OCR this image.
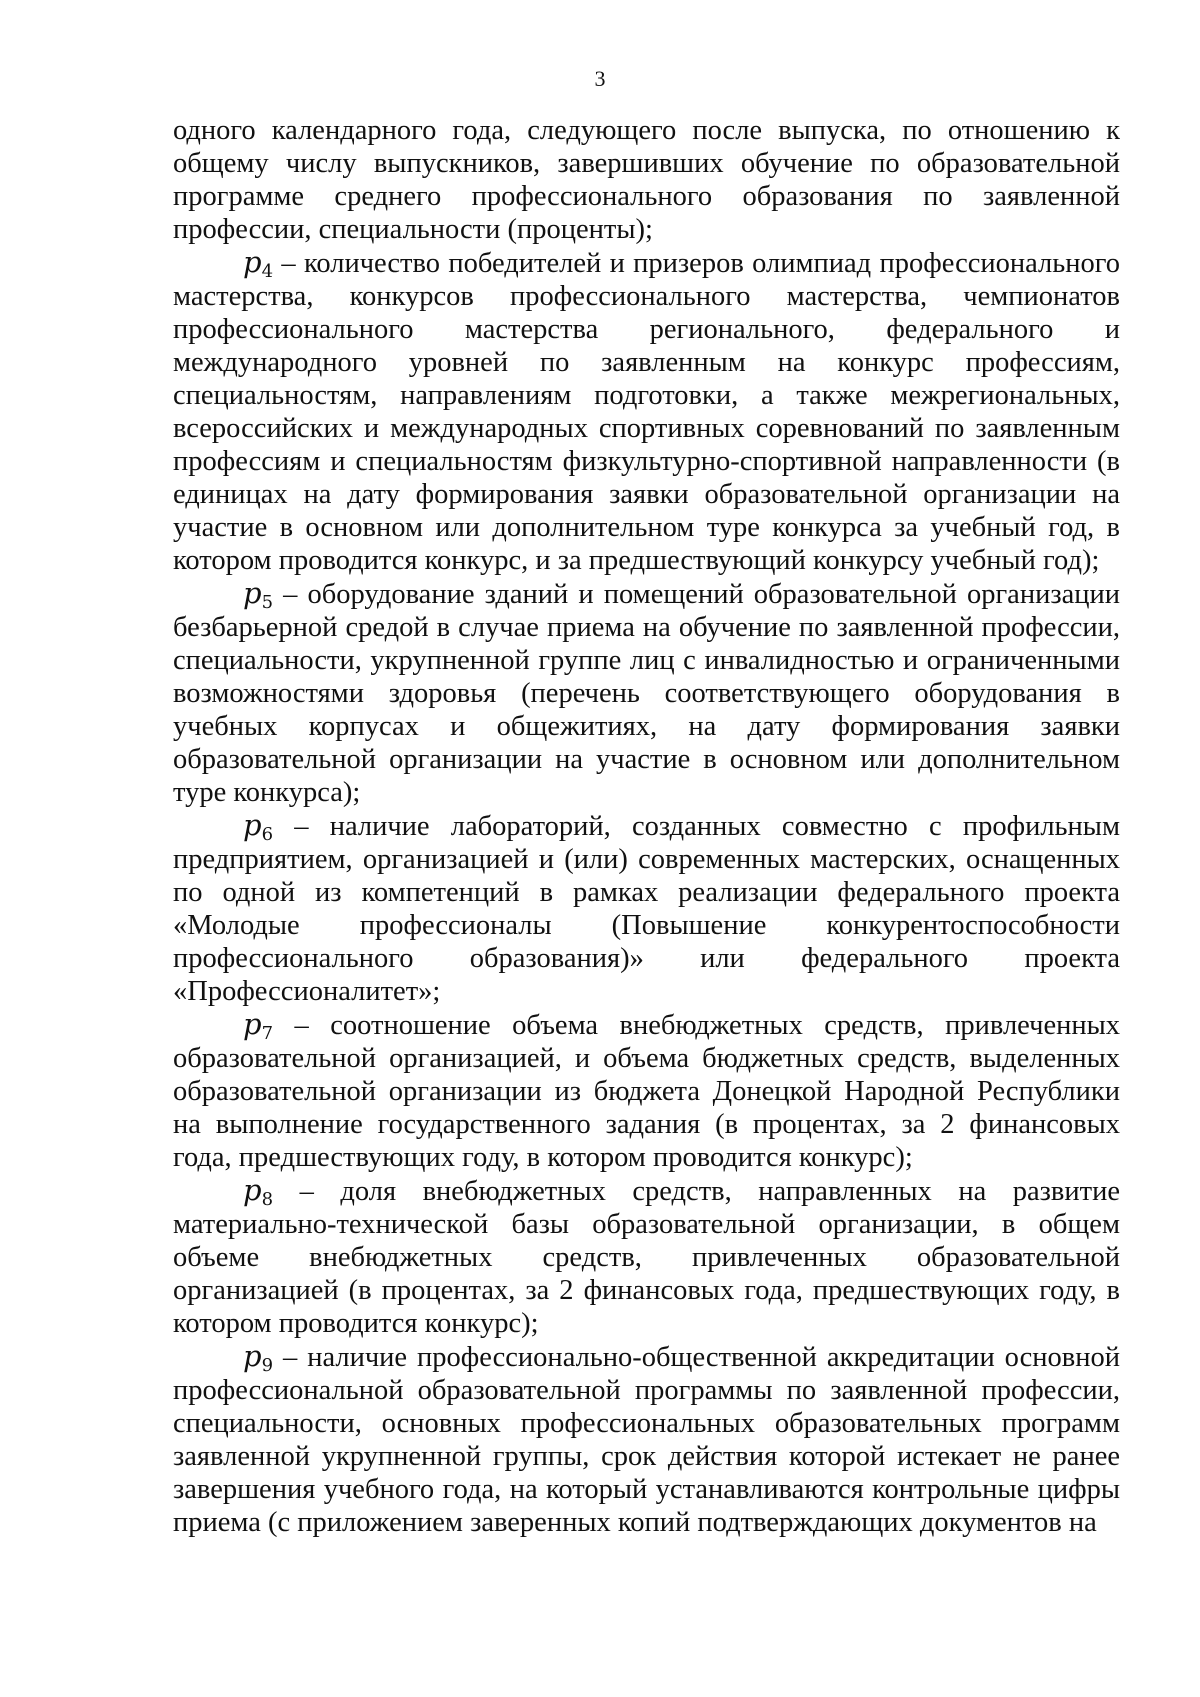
3

одного календарного года, следующего после выпуска, по отношению к общему числу выпускников, завершивших обучение по образовательной программе среднего профессионального образования по заявленной профессии, специальности (проценты);

$p_4$ – количество победителей и призеров олимпиад профессионального мастерства, конкурсов профессионального мастерства, чемпионатов профессионального мастерства регионального, федерального и международного уровней по заявленным на конкурс профессиям, специальностям, направлениям подготовки, а также межрегиональных, всероссийских и международных спортивных соревнований по заявленным профессиям и специальностям физкультурно-спортивной направленности (в единицах на дату формирования заявки образовательной организации на участие в основном или дополнительном туре конкурса за учебный год, в котором проводится конкурс, и за предшествующий конкурсу учебный год);

$p_5$ – оборудование зданий и помещений образовательной организации безбарьерной средой в случае приема на обучение по заявленной профессии, специальности, укрупненной группе лиц с инвалидностью и ограниченными возможностями здоровья (перечень соответствующего оборудования в учебных корпусах и общежитиях, на дату формирования заявки образовательной организации на участие в основном или дополнительном туре конкурса);

$p_6$ – наличие лабораторий, созданных совместно с профильным предприятием, организацией и (или) современных мастерских, оснащенных по одной из компетенций в рамках реализации федерального проекта «Молодые профессионалы (Повышение конкурентоспособности профессионального образования)» или федерального проекта «Профессионалитет»;

$p_7$ – соотношение объема внебюджетных средств, привлеченных образовательной организацией, и объема бюджетных средств, выделенных образовательной организации из бюджета Донецкой Народной Республики на выполнение государственного задания (в процентах, за 2 финансовых года, предшествующих году, в котором проводится конкурс);

$p_8$ – доля внебюджетных средств, направленных на развитие материально-технической базы образовательной организации, в общем объеме внебюджетных средств, привлеченных образовательной организацией (в процентах, за 2 финансовых года, предшествующих году, в котором проводится конкурс);

$p_9$ – наличие профессионально-общественной аккредитации основной профессиональной образовательной программы по заявленной профессии, специальности, основных профессиональных образовательных программ заявленной укрупненной группы, срок действия которой истекает не ранее завершения учебного года, на который устанавливаются контрольные цифры приема (с приложением заверенных копий подтверждающих документов на
